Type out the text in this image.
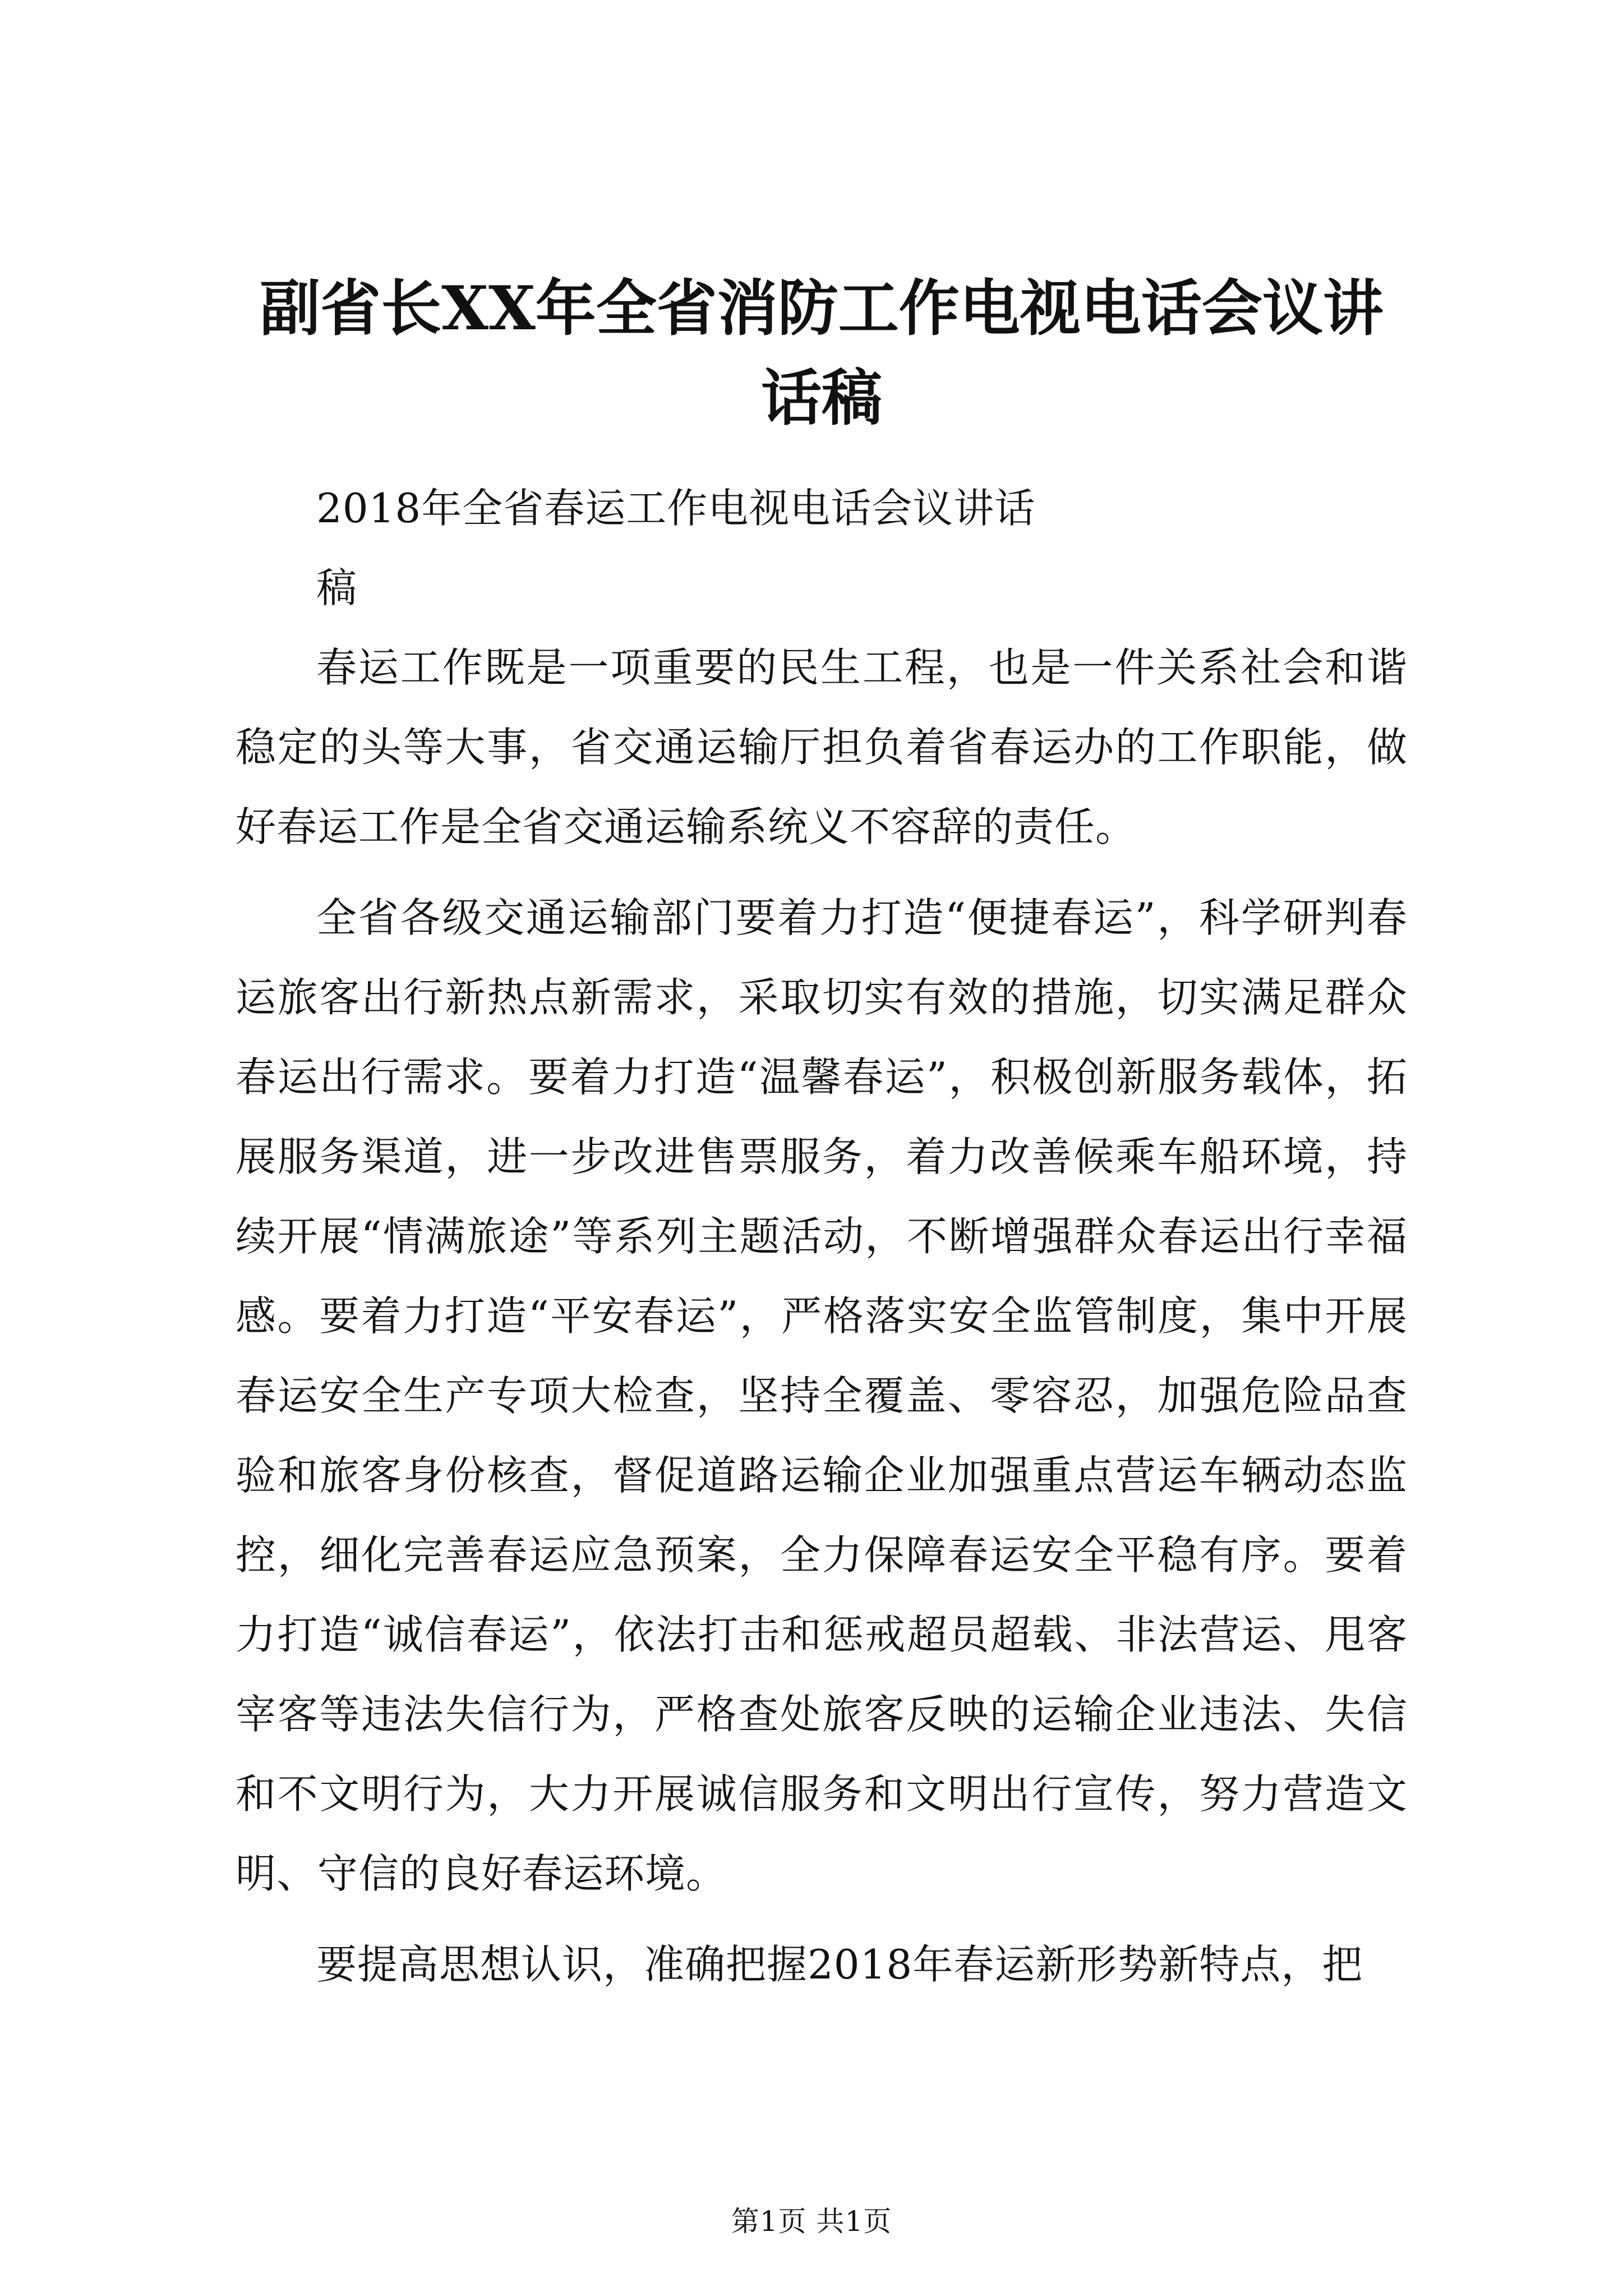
副省长XX年全省消防工作电视电话会议讲话稿

2018年全省春运工作电视电话会议讲话

稿

春运工作既是一项重要的民生工程，也是一件关系社会和谐稳定的头等大事，省交通运输厅担负着省春运办的工作职能，做好春运工作是全省交通运输系统义不容辞的责任。

全省各级交通运输部门要着力打造“便捷春运”，科学研判春运旅客出行新热点新需求，采取切实有效的措施，切实满足群众春运出行需求。要着力打造“温馨春运”，积极创新服务载体，拓展服务渠道，进一步改进售票服务，着力改善候乘车船环境，持续开展“情满旅途”等系列主题活动，不断增强群众春运出行幸福感。要着力打造“平安春运”，严格落实安全监管制度，集中开展春运安全生产专项大检查，坚持全覆盖、零容忍，加强危险品查验和旅客身份核查，督促道路运输企业加强重点营运车辆动态监控，细化完善春运应急预案，全力保障春运安全平稳有序。要着力打造“诚信春运”，依法打击和惩戒超员超载、非法营运、甩客宰客等违法失信行为，严格查处旅客反映的运输企业违法、失信和不文明行为，大力开展诚信服务和文明出行宣传，努力营造文明、守信的良好春运环境。

要提高思想认识，准确把握2018年春运新形势新特点，把

第1页 共1页
